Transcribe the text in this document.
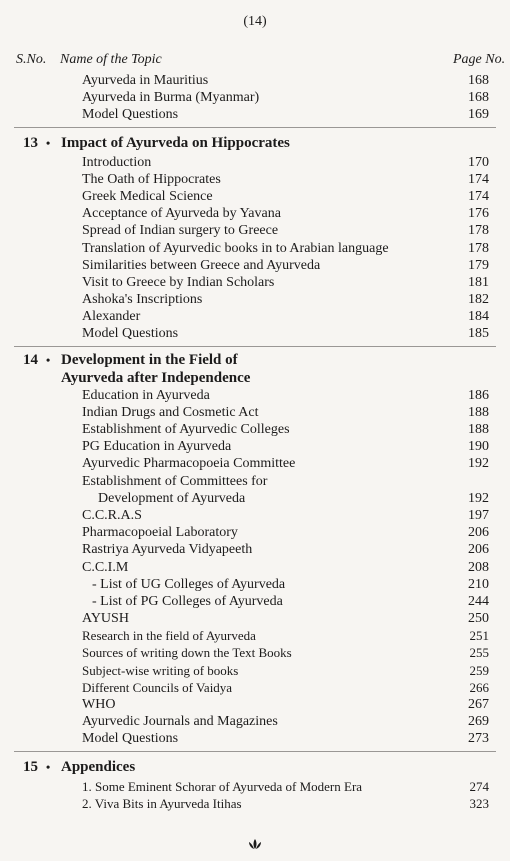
(14)
S.No. Name of the Topic	Page No.
Ayurveda in Mauritius	168
Ayurveda in Burma (Myanmar)	168
Model Questions	169
13 • Impact of Ayurveda on Hippocrates
Introduction	170
The Oath of Hippocrates	174
Greek Medical Science	174
Acceptance of Ayurveda by Yavana	176
Spread of Indian surgery to Greece	178
Translation of Ayurvedic books in to Arabian language	178
Similarities between Greece and Ayurveda	179
Visit to Greece by Indian Scholars	181
Ashoka's Inscriptions	182
Alexander	184
Model Questions	185
14 • Development in the Field of
Ayurveda after Independence
Education in Ayurveda	186
Indian Drugs and Cosmetic Act	188
Establishment of Ayurvedic Colleges	188
PG Education in Ayurveda	190
Ayurvedic Pharmacopoeia Committee	192
Establishment of Committees for
Development of Ayurveda	192
C.C.R.A.S	197
Pharmacopoeial Laboratory	206
Rastriya Ayurveda Vidyapeeth	206
C.C.I.M	208
- List of UG Colleges of Ayurveda	210
- List of PG Colleges of Ayurveda	244
AYUSH	250
Research in the field of Ayurveda	251
Sources of writing down the Text Books	255
Subject-wise writing of books	259
Different Councils of Vaidya	266
WHO	267
Ayurvedic Journals and Magazines	269
Model Questions	273
15 • Appendices
1. Some Eminent Schorar of Ayurveda of Modern Era	274
2. Viva Bits in Ayurveda Itihas	323
